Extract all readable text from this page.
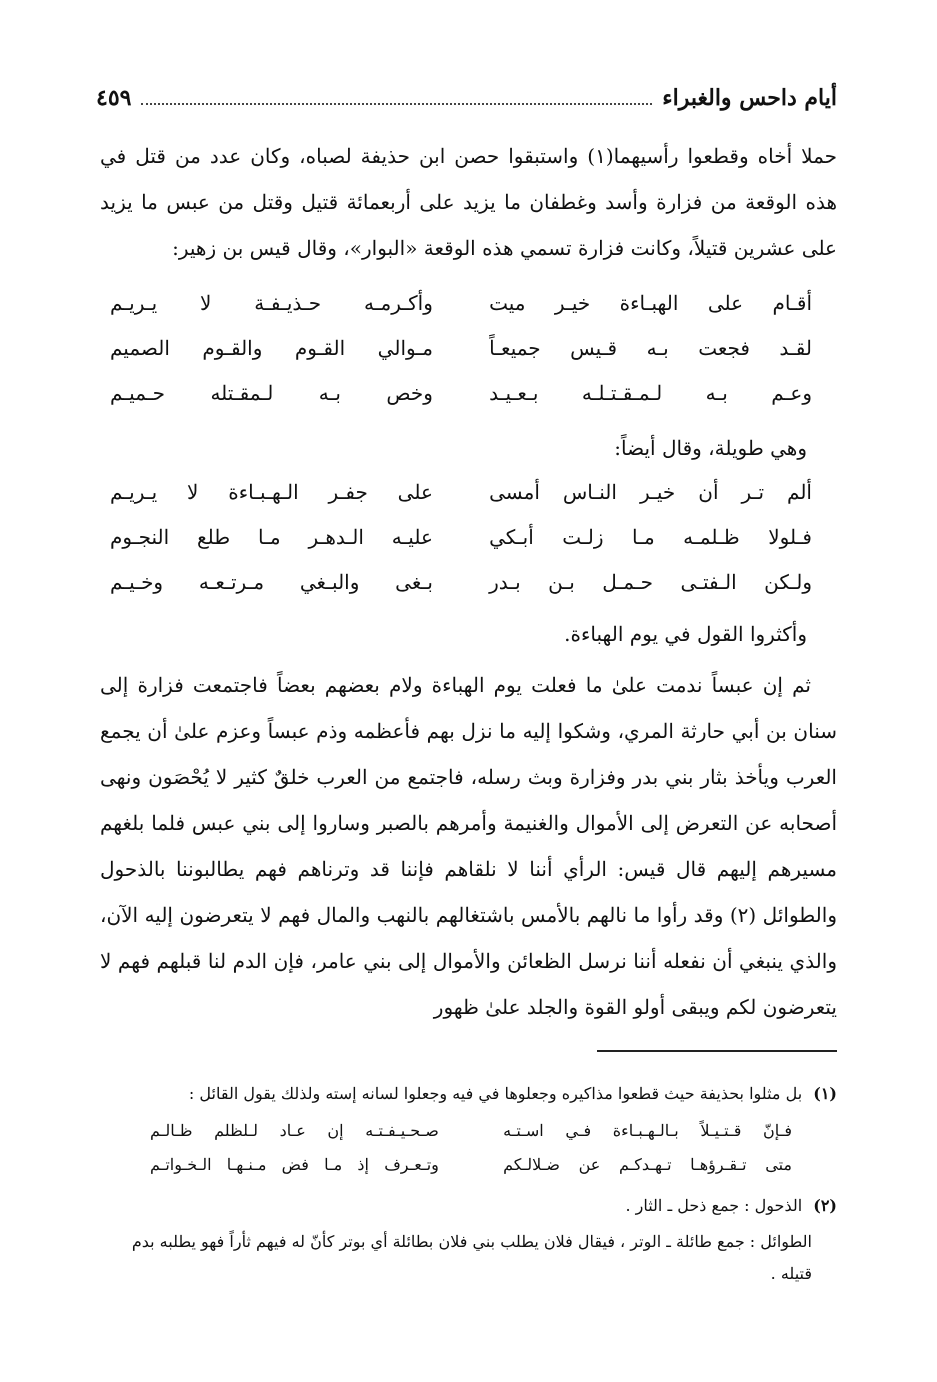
أيام داحس والغبراء
٤٥٩
حملا أخاه وقطعوا رأسيهما(١) واستبقوا حصن ابن حذيفة لصباه، وكان عدد من قتل في هذه الوقعة من فزارة وأسد وغطفان ما يزيد على أربعمائة قتيل وقتل من عبس ما يزيد على عشرين قتيلاً، وكانت فزارة تسمي هذه الوقعة «البوار»، وقال قيس بن زهير:
أقـام على الهبـاءة خيـر ميت
وأكـرمـه حـذيـفـة لا يـريـم
لقـد فجعت بـه قـيس جميعـاً
مـوالي القـوم والقـوم الصميم
وعـم بـه لـمـقـتـلـه بـعـيـد
وخص بـه لـمقـتله حـميـم
وهي طويلة، وقال أيضاً:
ألم تـر أن خيـر النـاس أمسى
على جفـر الـهـبـاءة لا يـريـم
فـلولا ظـلمـه مـا زلـت أبـكي
عليـه الـدهـر مـا طلع النجـوم
ولـكن الـفتـى حـمـل بـن بـدر
بـغى والبـغي مـرتـعـه وخـيـم
وأكثروا القول في يوم الهباءة.
ثم إن عبساً ندمت علىٰ ما فعلت يوم الهباءة ولام بعضهم بعضاً فاجتمعت فزارة إلى سنان بن أبي حارثة المري، وشكوا إليه ما نزل بهم فأعظمه وذم عبساً وعزم علىٰ أن يجمع العرب ويأخذ بثار بني بدر وفزارة وبث رسله، فاجتمع من العرب خلقٌ كثير لا يُحْصَون ونهى أصحابه عن التعرض إلى الأموال والغنيمة وأمرهم بالصبر وساروا إلى بني عبس فلما بلغهم مسيرهم إليهم قال قيس: الرأي أننا لا نلقاهم فإننا قد وترناهم فهم يطالبوننا بالذحول والطوائل (٢) وقد رأوا ما نالهم بالأمس باشتغالهم بالنهب والمال فهم لا يتعرضون إليه الآن، والذي ينبغي أن نفعله أننا نرسل الظعائن والأموال إلى بني عامر، فإن الدم لنا قبلهم فهم لا يتعرضون لكم ويبقى أولو القوة والجلد علىٰ ظهور
(١) بل مثلوا بحذيفة حيث قطعوا مذاكيره وجعلوها في فيه وجعلوا لسانه إسته ولذلك يقول القائل :
فـإنّ قـتـيـلاً بـالـهـبـاءة فـي اسـتـه
صـحـيـفـتـه إن عـاد لـلظلم ظـالـم
متى تـقـرؤهـا تـهـدكـم عن ضـلالـكم
وتـعـرف إذ مـا فض مـنـهـا الـخـواتـم
(٢) الذحول : جمع ذحل ـ الثار .
الطوائل : جمع طائلة ـ الوتر ، فيقال فلان يطلب بني فلان بطائلة أي بوتر كأنّ له فيهم ثأراً فهو يطلبه بدم قتيله .
